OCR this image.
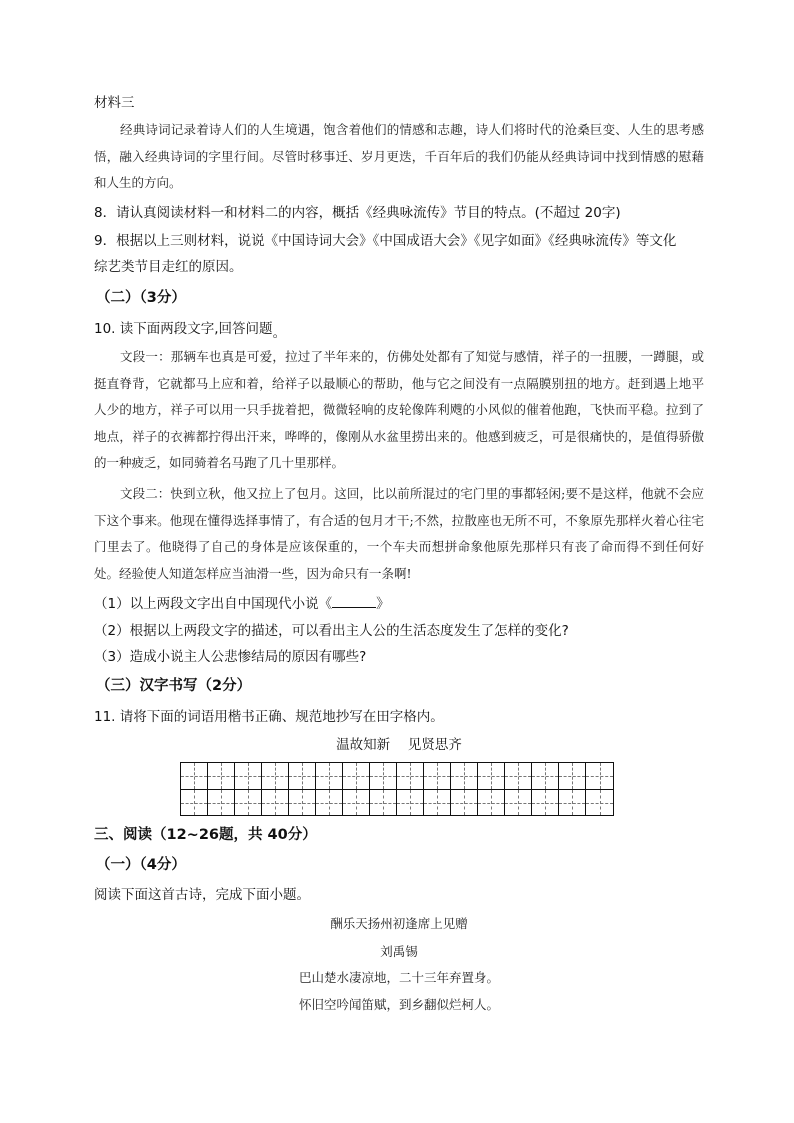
材料三
经典诗词记录着诗人们的人生境遇，饱含着他们的情感和志趣，诗人们将时代的沧桑巨变、人生的思考感悟，融入经典诗词的字里行间。尽管时移事迁、岁月更迭，千百年后的我们仍能从经典诗词中找到情感的慰藉和人生的方向。
8．请认真阅读材料一和材料二的内容，概括《经典咏流传》节目的特点。(不超过 20字)
9．根据以上三则材料，说说《中国诗词大会》《中国成语大会》《见字如面》《经典咏流传》等文化
综艺类节目走红的原因。
（二）（3分）
10. 读下面两段文字,回答问题。
文段一：那辆车也真是可爱，拉过了半年来的，仿佛处处都有了知觉与感情，祥子的一扭腰，一蹲腿，或挺直脊背，它就都马上应和着，给祥子以最顺心的帮助，他与它之间没有一点隔膜别扭的地方。赶到遇上地平人少的地方，祥子可以用一只手拢着把，微微轻响的皮轮像阵利飕的小风似的催着他跑，飞快而平稳。拉到了地点，祥子的衣裤都拧得出汗来，哗哗的，像刚从水盆里捞出来的。他感到疲乏，可是很痛快的，是值得骄傲的一种疲乏，如同骑着名马跑了几十里那样。
文段二：快到立秋，他又拉上了包月。这回，比以前所混过的宅门里的事都轻闲;要不是这样，他就不会应下这个事来。他现在懂得选择事情了，有合适的包月才干;不然，拉散座也无所不可，不象原先那样火着心往宅门里去了。他晓得了自己的身体是应该保重的，一个车夫而想拼命象他原先那样只有丧了命而得不到任何好处。经验使人知道怎样应当油滑一些，因为命只有一条啊!
（1）以上两段文字出自中国现代小说《	》
（2）根据以上两段文字的描述，可以看出主人公的生活态度发生了怎样的变化?
（3）造成小说主人公悲惨结局的原因有哪些?
（三）汉字书写（2分）
11. 请将下面的词语用楷书正确、规范地抄写在田字格内。
温故知新　 见贤思齐
三、阅读（12~26题，共 40分）
（一）（4分）
阅读下面这首古诗，完成下面小题。
酬乐天扬州初逢席上见赠
刘禹锡
巴山楚水凄凉地，二十三年弃置身。
怀旧空吟闻笛赋，到乡翻似烂柯人。
